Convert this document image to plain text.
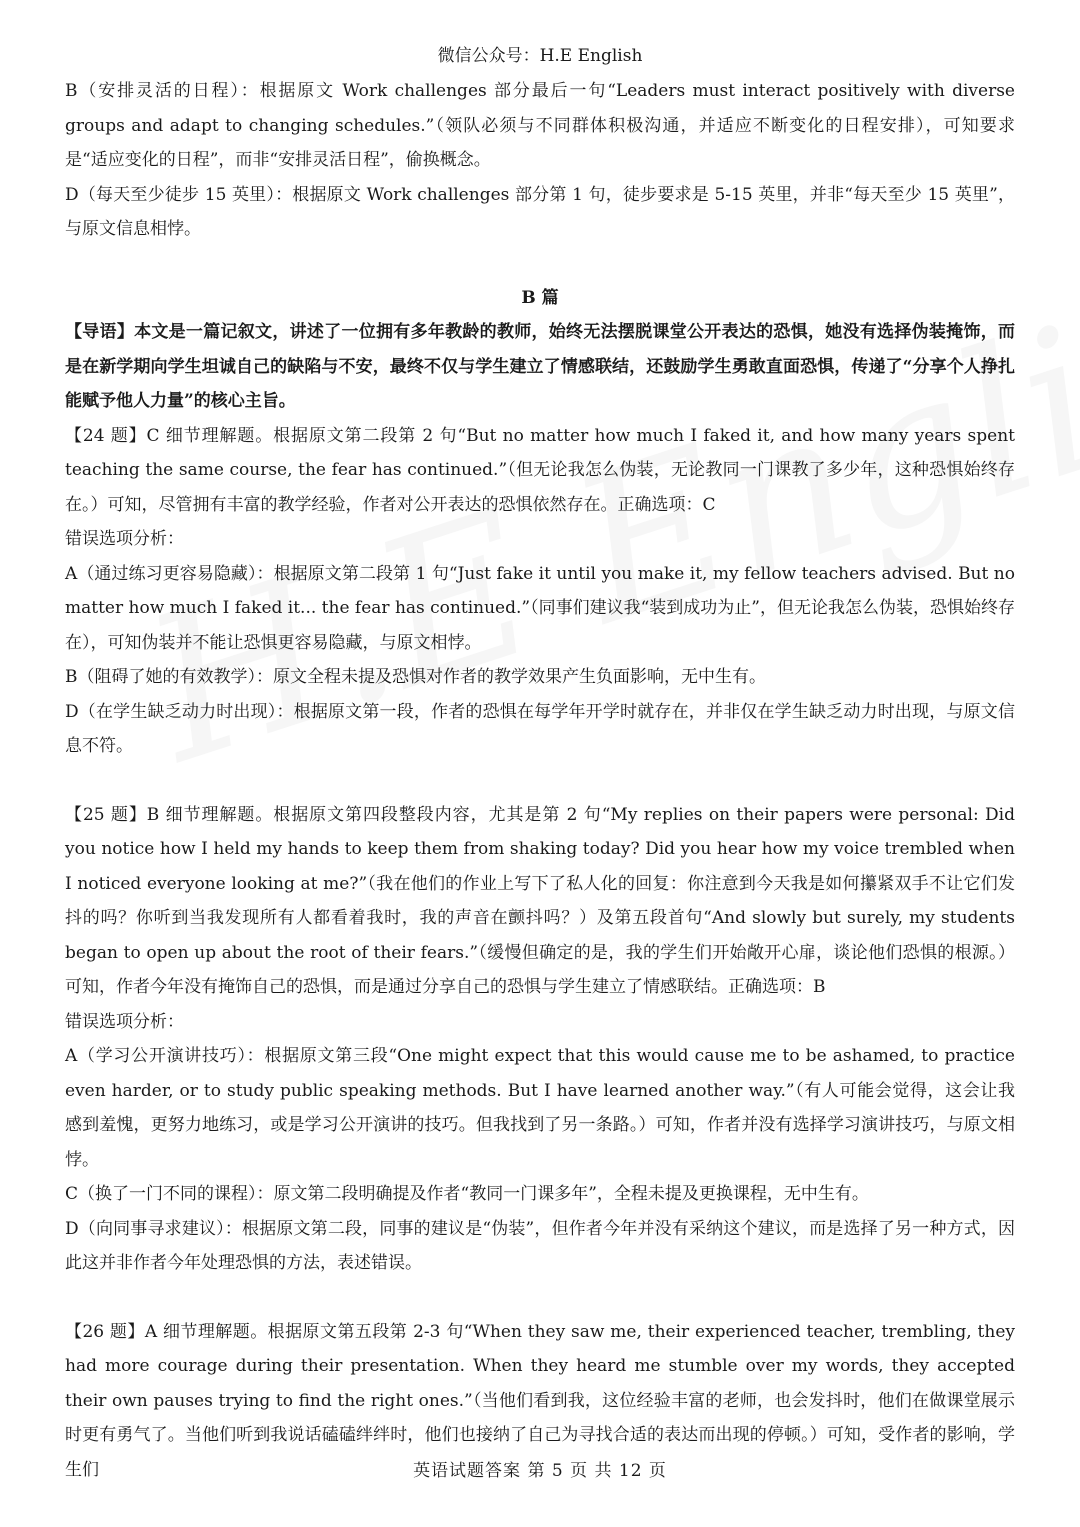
微信公众号：H.E English

B（安排灵活的日程）：根据原文 Work challenges 部分最后一句“Leaders must interact positively with diverse groups and adapt to changing schedules.”（领队必须与不同群体积极沟通，并适应不断变化的日程安排），可知要求是“适应变化的日程”，而非“安排灵活日程”，偷换概念。

D（每天至少徒步 15 英里）：根据原文 Work challenges 部分第 1 句，徒步要求是 5-15 英里，并非“每天至少 15 英里”，与原文信息相悖。

B 篇

【导语】本文是一篇记叙文，讲述了一位拥有多年教龄的教师，始终无法摆脱课堂公开表达的恐惧，她没有选择伪装掩饰，而是在新学期向学生坦诚自己的缺陷与不安，最终不仅与学生建立了情感联结，还鼓励学生勇敢直面恐惧，传递了“分享个人挣扎能赋予他人力量”的核心主旨。

【24 题】C 细节理解题。根据原文第二段第 2 句“But no matter how much I faked it, and how many years spent teaching the same course, the fear has continued.”（但无论我怎么伪装，无论教同一门课教了多少年，这种恐惧始终存在。）可知，尽管拥有丰富的教学经验，作者对公开表达的恐惧依然存在。正确选项：C

错误选项分析：

A（通过练习更容易隐藏）：根据原文第二段第 1 句“Just fake it until you make it, my fellow teachers advised. But no matter how much I faked it... the fear has continued.”（同事们建议我“装到成功为止”，但无论我怎么伪装，恐惧始终存在），可知伪装并不能让恐惧更容易隐藏，与原文相悖。

B（阻碍了她的有效教学）：原文全程未提及恐惧对作者的教学效果产生负面影响，无中生有。

D（在学生缺乏动力时出现）：根据原文第一段，作者的恐惧在每学年开学时就存在，并非仅在学生缺乏动力时出现，与原文信息不符。

【25 题】B 细节理解题。根据原文第四段整段内容，尤其是第 2 句“My replies on their papers were personal: Did you notice how I held my hands to keep them from shaking today? Did you hear how my voice trembled when I noticed everyone looking at me?”（我在他们的作业上写下了私人化的回复：你注意到今天我是如何攥紧双手不让它们发抖的吗？你听到当我发现所有人都看着我时，我的声音在颤抖吗？）及第五段首句“And slowly but surely, my students began to open up about the root of their fears.”（缓慢但确定的是，我的学生们开始敞开心扉，谈论他们恐惧的根源。）可知，作者今年没有掩饰自己的恐惧，而是通过分享自己的恐惧与学生建立了情感联结。正确选项：B

错误选项分析：

A（学习公开演讲技巧）：根据原文第三段“One might expect that this would cause me to be ashamed, to practice even harder, or to study public speaking methods. But I have learned another way.”（有人可能会觉得，这会让我感到羞愧，更努力地练习，或是学习公开演讲的技巧。但我找到了另一条路。）可知，作者并没有选择学习演讲技巧，与原文相悖。

C（换了一门不同的课程）：原文第二段明确提及作者“教同一门课多年”，全程未提及更换课程，无中生有。

D（向同事寻求建议）：根据原文第二段，同事的建议是“伪装”，但作者今年并没有采纳这个建议，而是选择了另一种方式，因此这并非作者今年处理恐惧的方法，表述错误。

【26 题】A 细节理解题。根据原文第五段第 2-3 句“When they saw me, their experienced teacher, trembling, they had more courage during their presentation. When they heard me stumble over my words, they accepted their own pauses trying to find the right ones.”（当他们看到我，这位经验丰富的老师，也会发抖时，他们在做课堂展示时更有勇气了。当他们听到我说话磕磕绊绊时，他们也接纳了自己为寻找合适的表达而出现的停顿。）可知，受作者的影响，学生们	英语试题答案 第 5 页 共 12 页
